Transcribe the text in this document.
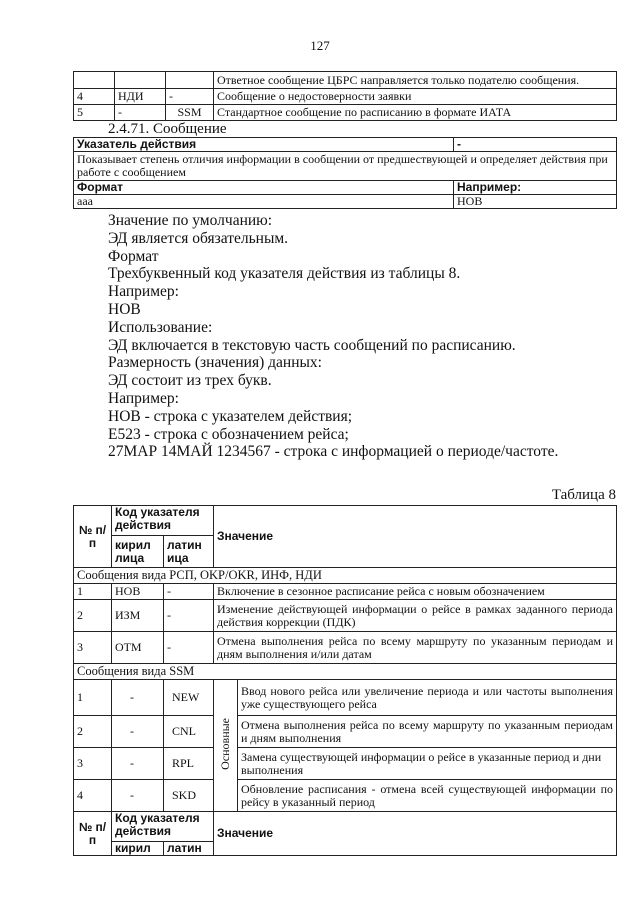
127
			Ответное сообщение ЦБРС направляется только подателю сообщения.
4	НДИ	-	Сообщение о недостоверности заявки
5	-	SSM	Стандартное сообщение по расписанию в формате ИАТА
2.4.71. Сообщение
Указатель действия	-
Показывает степень отличия информации в сообщении от предшествующей и определяет действия при работе с сообщением	
Формат	Например:
aaa	НОВ

Значение по умолчанию:

ЭД является обязательным.

Формат

Трехбуквенный код указателя действия из таблицы 8.

Например:

НОВ

Использование:

ЭД включается в текстовую часть сообщений по расписанию.

Размерность (значения) данных:

ЭД состоит из трех букв.

Например:

НОВ - строка с указателем действия;

Е523 - строка с обозначением рейса;

27МАР 14МАЙ 1234567 - строка с информацией о периоде/частоте.

Таблица 8
№ п/п	Код указателя действия		Значение	
	кирил лица	латин ица		
Сообщения вида РСП, OKP/OKR, ИНФ, НДИ				
1	НОВ	-	Включение в сезонное расписание рейса с новым обозначением	
2	ИЗМ	-	Изменение действующей информации о рейсе в рамках заданного периода действия коррекции (ПДК)	
3	ОТМ	-	Отмена выполнения рейса по всему маршруту по указанным периодам и дням выполнения и/или датам	
Сообщения вида SSM				
1	-	NEW	Основные	Ввод нового рейса или увеличение периода и или частоты выполнения уже существующего рейса
2	-	CNL		Отмена выполнения рейса по всему маршруту по указанным периодам и дням выполнения
3	-	RPL		Замена существующей информации о рейсе в указанные период и дни выполнения
4	-	SKD		Обновление расписания - отмена всей существующей информации по рейсу в указанный период
№ п/п	Код указателя действия		Значение	
	кирил	латин		
